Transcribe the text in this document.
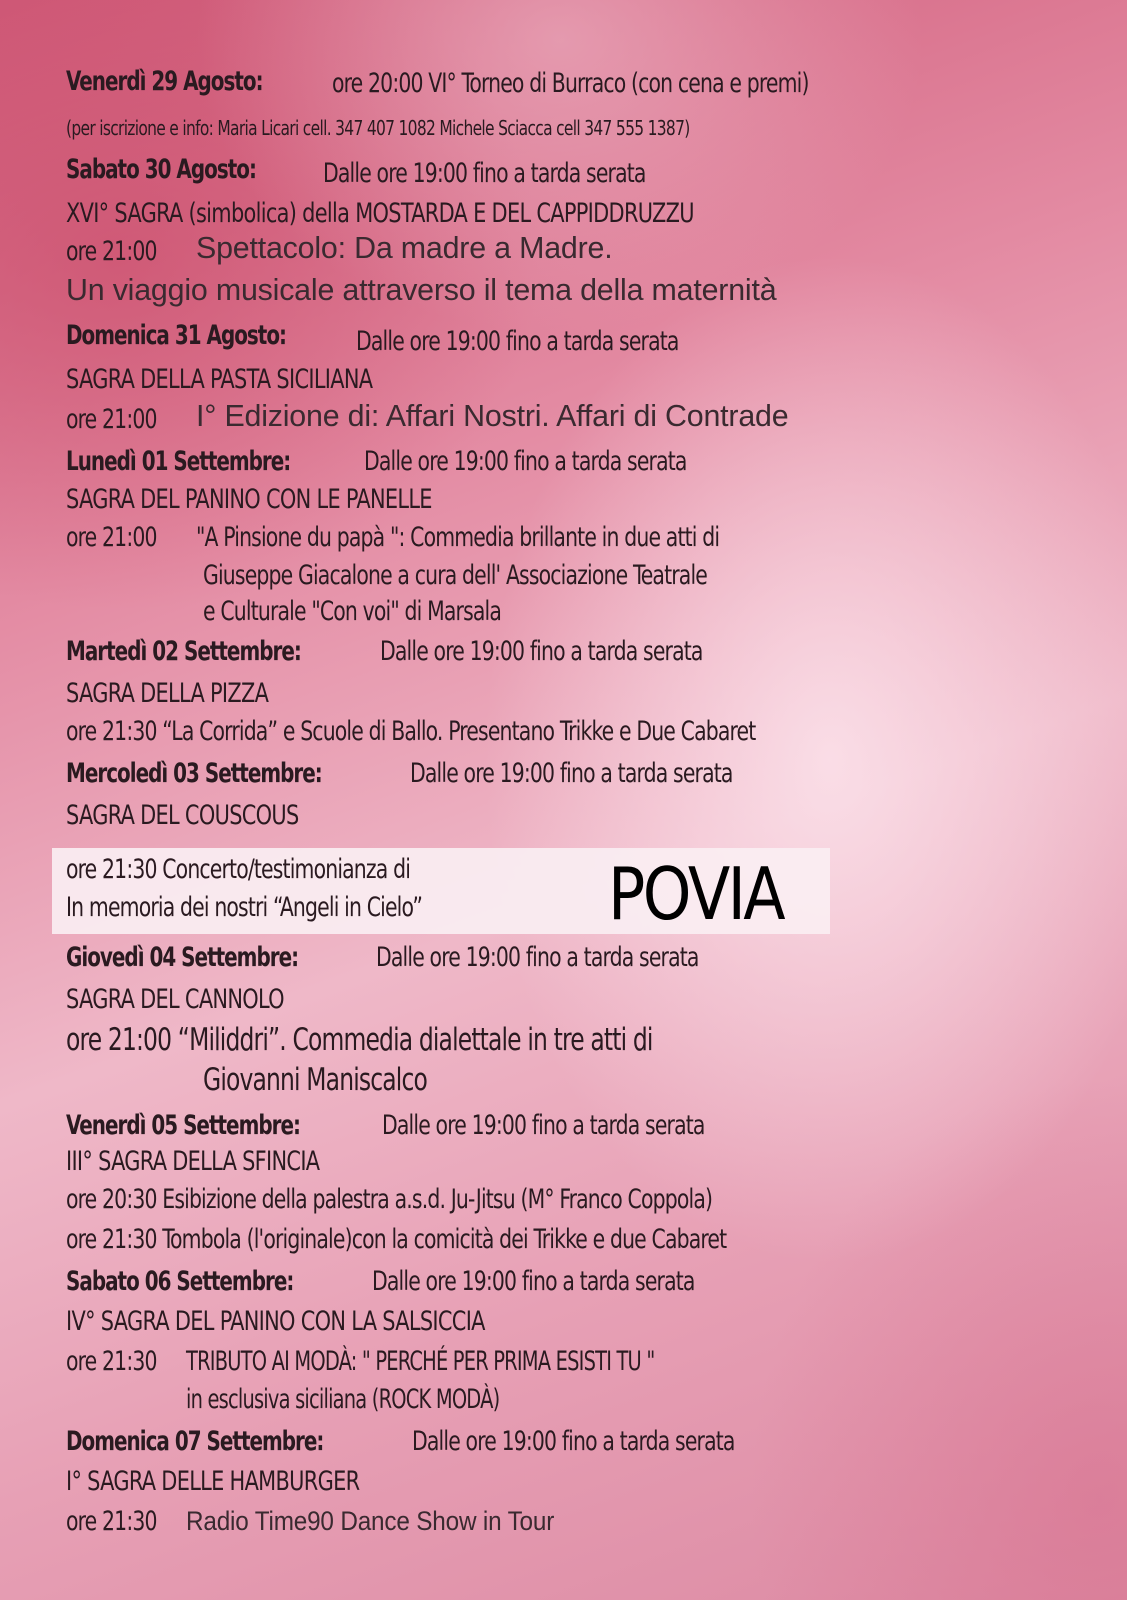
Venerdì 29 Agosto:	ore 20:00 VI° Torneo di Burraco (con cena e premi)
(per iscrizione e info: Maria Licari cell. 347 407 1082 Michele Sciacca cell 347 555 1387)
Sabato 30 Agosto:	Dalle ore 19:00 fino a tarda serata
XVI° SAGRA (simbolica) della MOSTARDA E DEL CAPPIDDRUZZU
ore 21:00	Spettacolo: Da madre a Madre.
Un viaggio musicale attraverso il tema della maternità
Domenica 31 Agosto:	Dalle ore 19:00 fino a tarda serata
SAGRA DELLA PASTA SICILIANA
ore 21:00	I° Edizione di: Affari Nostri. Affari di Contrade
Lunedì 01 Settembre:	Dalle ore 19:00 fino a tarda serata
SAGRA DEL PANINO CON LE PANELLE
ore 21:00	"A Pinsione du papà ": Commedia brillante in due atti di
Giuseppe Giacalone a cura dell' Associazione Teatrale
e Culturale "Con voi" di Marsala
Martedì 02 Settembre:	Dalle ore 19:00 fino a tarda serata
SAGRA DELLA PIZZA
ore 21:30 “La Corrida” e Scuole di Ballo. Presentano Trikke e Due Cabaret
Mercoledì 03 Settembre:	Dalle ore 19:00 fino a tarda serata
SAGRA DEL COUSCOUS
ore 21:30 Concerto/testimonianza di
In memoria dei nostri “Angeli in Cielo”	POVIA
Giovedì 04 Settembre:	Dalle ore 19:00 fino a tarda serata
SAGRA DEL CANNOLO
ore 21:00 “Miliddri”. Commedia dialettale in tre atti di
Giovanni Maniscalco
Venerdì 05 Settembre:	Dalle ore 19:00 fino a tarda serata
III° SAGRA DELLA SFINCIA
ore 20:30 Esibizione della palestra a.s.d. Ju-Jitsu (M° Franco Coppola)
ore 21:30 Tombola (l'originale)con la comicità dei Trikke e due Cabaret
Sabato 06 Settembre:	Dalle ore 19:00 fino a tarda serata
IV° SAGRA DEL PANINO CON LA SALSICCIA
ore 21:30	TRIBUTO AI MODÀ: " PERCHÉ PER PRIMA ESISTI TU "
in esclusiva siciliana (ROCK MODÀ)
Domenica 07 Settembre:	Dalle ore 19:00 fino a tarda serata
I° SAGRA DELLE HAMBURGER
ore 21:30	Radio Time90 Dance Show in Tour
